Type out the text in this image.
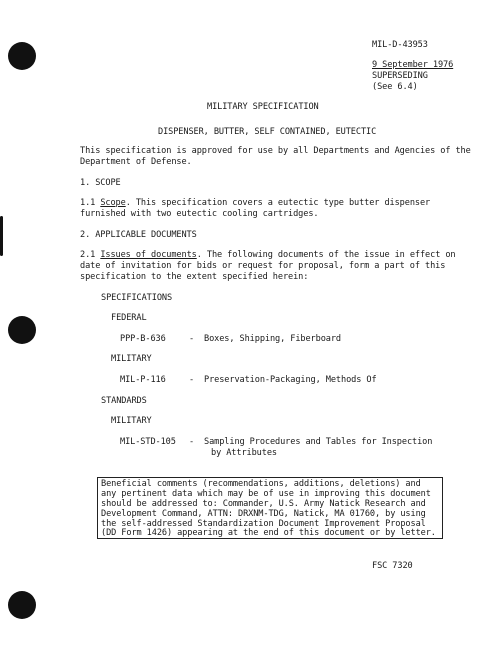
MIL-D-43953
9 September 1976
SUPERSEDING
(See 6.4)
MILITARY SPECIFICATION
DISPENSER, BUTTER, SELF CONTAINED, EUTECTIC
This specification is approved for use by all Departments and Agencies of the
Department of Defense.
1. SCOPE
1.1 Scope. This specification covers a eutectic type butter dispenser
furnished with two eutectic cooling cartridges.
2. APPLICABLE DOCUMENTS
2.1 Issues of documents. The following documents of the issue in effect on
date of invitation for bids or request for proposal, form a part of this
specification to the extent specified herein:
SPECIFICATIONS
FEDERAL
PPP-B-636	- Boxes, Shipping, Fiberboard
MILITARY
MIL-P-116	- Preservation-Packaging, Methods Of
STANDARDS
MILITARY
MIL-STD-105 - Sampling Procedures and Tables for Inspection
by Attributes
Beneficial comments (recommendations, additions, deletions) and
any pertinent data which may be of use in improving this document
should be addressed to: Commander, U.S. Army Natick Research and
Development Command, ATTN: DRXNM-TDG, Natick, MA 01760, by using
the self-addressed Standardization Document Improvement Proposal
(DD Form 1426) appearing at the end of this document or by letter.
FSC 7320
